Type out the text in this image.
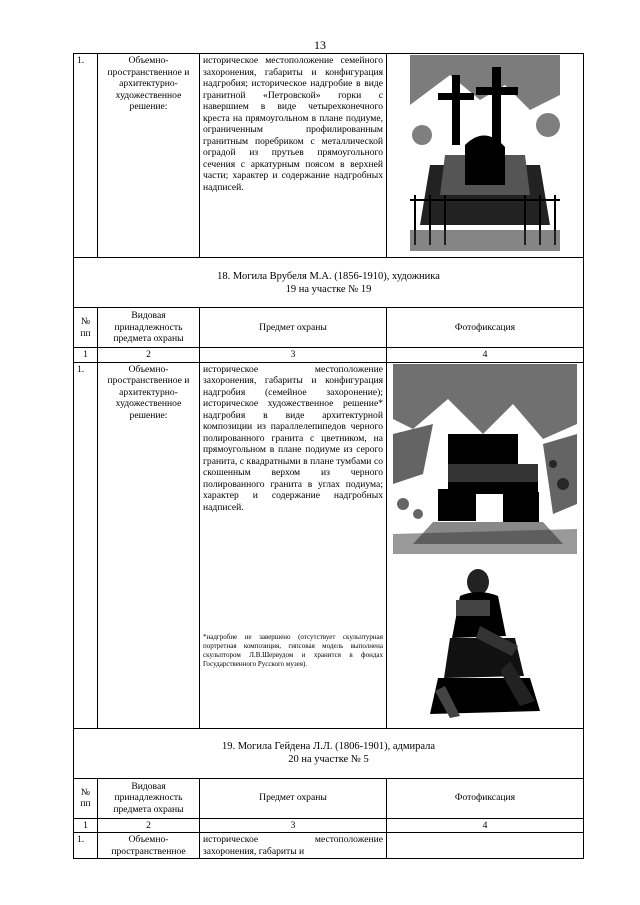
13
1.	Объемно-пространственное и архитектурно-художественное решение:	историческое местоположение семейного захоронения, габариты и конфигурация надгробия; историческое надгробие в виде гранитной «Петровской» горки с навершием в виде четырехконечного креста на прямоугольном в плане подиуме, ограниченным профилированным гранитным поребриком с металлической оградой из прутьев прямоугольного сечения с аркатурным поясом в верхней части; характер и содержание надгробных надписей.	

18. Могила Врубеля М.А. (1856-1910), художника
19 на участке № 19			

№ пп	Видовая принадлежность предмета охраны	Предмет охраны	Фотофиксация
1	2	3	4
1.	Объемно-пространственное и архитектурно-художественное решение:	историческое местоположение захоронения, габариты и конфигурация надгробия (семейное захоронение); историческое художественное решение* надгробия в виде архитектурной композиции из параллелепипедов черного полированного гранита с цветником, на прямоугольном в плане подиуме из серого гранита, с квадратными в плане тумбами со скошенным верхом из черного полированного гранита в углах подиума; характер и содержание надгробных надписей.
*надгробие не завершено (отсутствует скульптурная портретная композиция, гипсовая модель выполнена скульптором Л.В.Шервудом и хранится в фондах Государственного Русского музея).

19. Могила Гейдена Л.Л. (1806-1901), адмирала
20 на участке № 5			

№ пп	Видовая принадлежность предмета охраны	Предмет охраны	Фотофиксация
1	2	3	4
1.	Объемно-пространственное	историческое местоположение захоронения, габариты и	
